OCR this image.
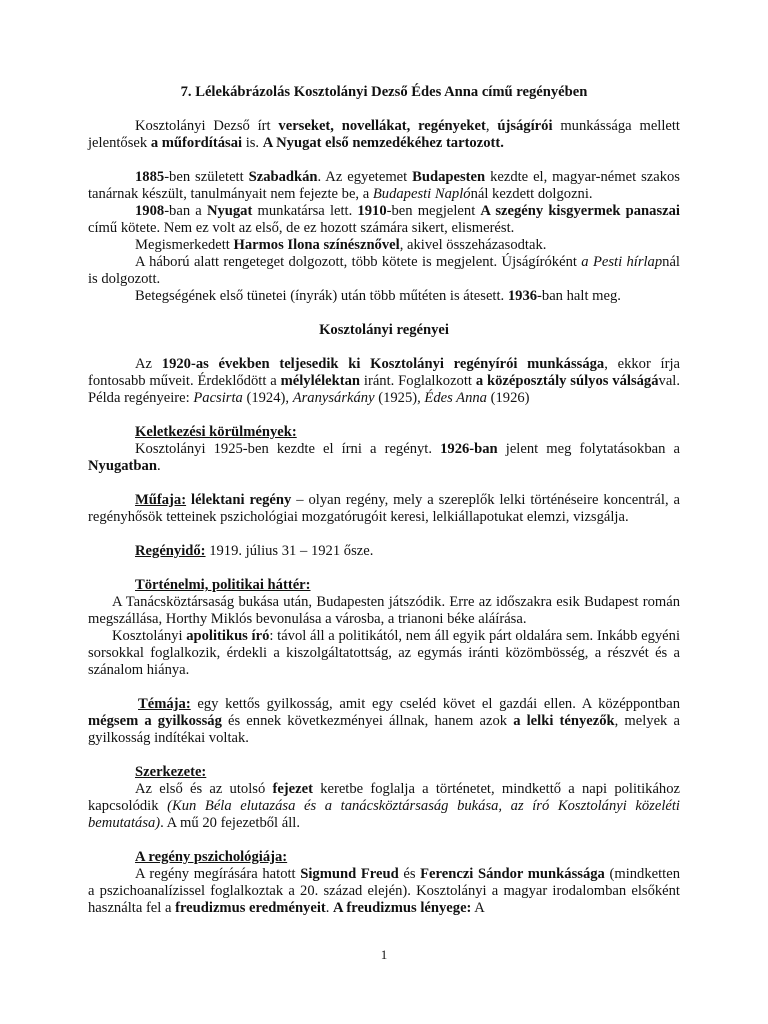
7. Lélekábrázolás Kosztolányi Dezső Édes Anna című regényében

Kosztolányi Dezső írt verseket, novellákat, regényeket, újságírói munkássága mellett jelentősek a műfordításai is. A Nyugat első nemzedékéhez tartozott.

1885-ben született Szabadkán. Az egyetemet Budapesten kezdte el, magyar-német szakos tanárnak készült, tanulmányait nem fejezte be, a Budapesti Naplónál kezdett dolgozni.

1908-ban a Nyugat munkatársa lett. 1910-ben megjelent A szegény kisgyermek panaszai című kötete. Nem ez volt az első, de ez hozott számára sikert, elismerést.

Megismerkedett Harmos Ilona színésznővel, akivel összeházasodtak.

A háború alatt rengeteget dolgozott, több kötete is megjelent. Újságíróként a Pesti hírlapnál is dolgozott.

Betegségének első tünetei (ínyrák) után több műtéten is átesett. 1936-ban halt meg.

Kosztolányi regényei

Az 1920-as években teljesedik ki Kosztolányi regényírói munkássága, ekkor írja fontosabb műveit. Érdeklődött a mélylélektan iránt. Foglalkozott a középosztály súlyos válságával. Példa regényeire: Pacsirta (1924), Aranysárkány (1925), Édes Anna (1926)

Keletkezési körülmények:

Kosztolányi 1925-ben kezdte el írni a regényt. 1926-ban jelent meg folytatásokban a Nyugatban.

Műfaja: lélektani regény – olyan regény, mely a szereplők lelki történéseire koncentrál, a regényhősök tetteinek pszichológiai mozgatórugóit keresi, lelkiállapotukat elemzi, vizsgálja.

Regényidő: 1919. július 31 – 1921 ősze.

Történelmi, politikai háttér:

A Tanácsköztársaság bukása után, Budapesten játszódik. Erre az időszakra esik Budapest román megszállása, Horthy Miklós bevonulása a városba, a trianoni béke aláírása.

Kosztolányi apolitikus író: távol áll a politikától, nem áll egyik párt oldalára sem. Inkább egyéni sorsokkal foglalkozik, érdekli a kiszolgáltatottság, az egymás iránti közömbösség, a részvét és a szánalom hiánya.

Témája: egy kettős gyilkosság, amit egy cseléd követ el gazdái ellen. A középpontban mégsem a gyilkosság és ennek következményei állnak, hanem azok a lelki tényezők, melyek a gyilkosság indítékai voltak.

Szerkezete:

Az első és az utolsó fejezet keretbe foglalja a történetet, mindkettő a napi politikához kapcsolódik (Kun Béla elutazása és a tanácsköztársaság bukása, az író Kosztolányi közeléti bemutatása). A mű 20 fejezetből áll.

A regény pszichológiája:

A regény megírására hatott Sigmund Freud és Ferenczi Sándor munkássága (mindketten a pszichoanalízissel foglalkoztak a 20. század elején). Kosztolányi a magyar irodalomban elsőként használta fel a freudizmus eredményeit. A freudizmus lényege: A

1
